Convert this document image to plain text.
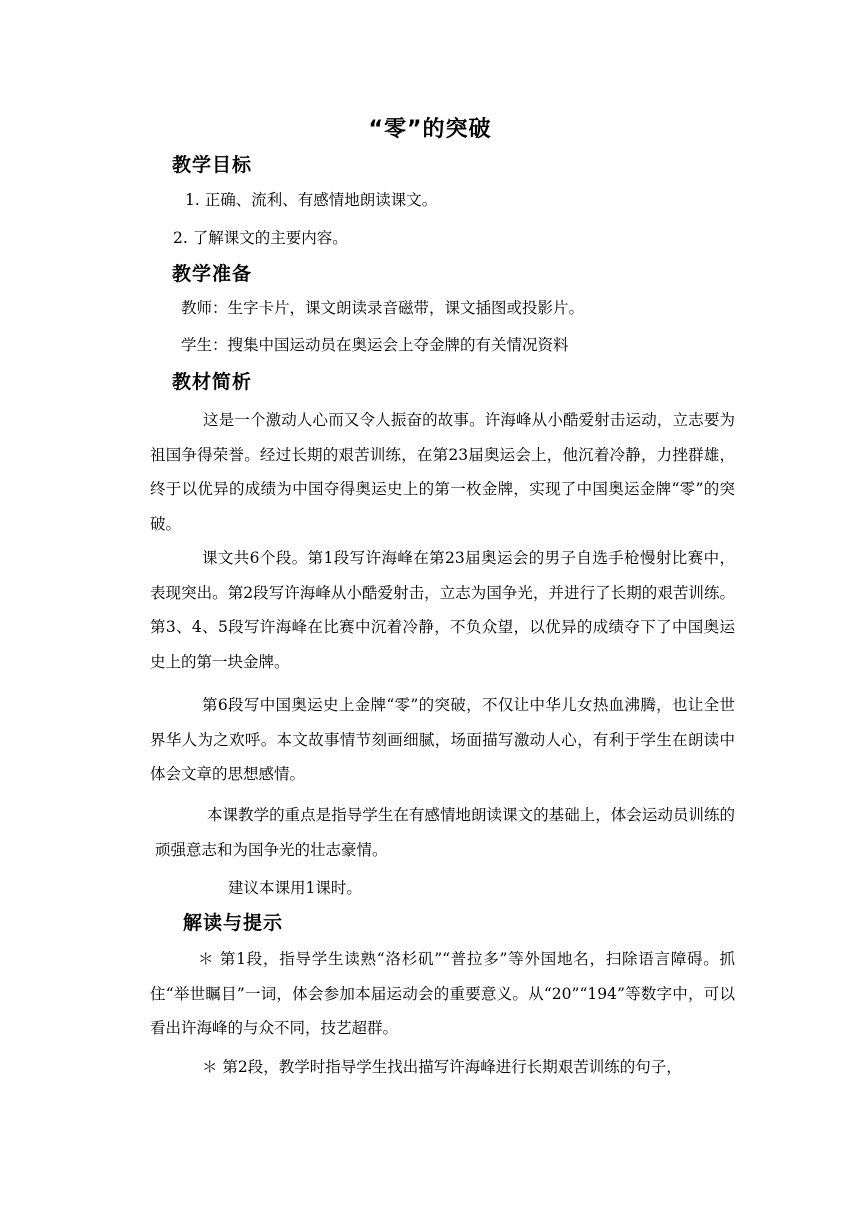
“零”的突破
教学目标
1. 正确、流利、有感情地朗读课文。
2. 了解课文的主要内容。
教学准备
教师：生字卡片，课文朗读录音磁带，课文插图或投影片。
学生：搜集中国运动员在奥运会上夺金牌的有关情况资料
教材简析
这是一个激动人心而又令人振奋的故事。许海峰从小酷爱射击运动，立志要为祖国争得荣誉。经过长期的艰苦训练，在第23届奥运会上，他沉着冷静，力挫群雄，终于以优异的成绩为中国夺得奥运史上的第一枚金牌，实现了中国奥运金牌“零”的突破。
课文共6个段。第1段写许海峰在第23届奥运会的男子自选手枪慢射比赛中，表现突出。第2段写许海峰从小酷爱射击，立志为国争光，并进行了长期的艰苦训练。第3、4、5段写许海峰在比赛中沉着冷静，不负众望，以优异的成绩夺下了中国奥运史上的第一块金牌。
第6段写中国奥运史上金牌“零”的突破，不仅让中华儿女热血沸腾，也让全世界华人为之欢呼。本文故事情节刻画细腻，场面描写激动人心，有利于学生在朗读中体会文章的思想感情。
本课教学的重点是指导学生在有感情地朗读课文的基础上，体会运动员训练的顽强意志和为国争光的壮志豪情。
建议本课用1课时。
解读与提示
＊ 第1段，指导学生读熟“洛杉矶”“普拉多”等外国地名，扫除语言障碍。抓住“举世瞩目”一词，体会参加本届运动会的重要意义。从“20”“194”等数字中，可以看出许海峰的与众不同，技艺超群。
＊ 第2段，教学时指导学生找出描写许海峰进行长期艰苦训练的句子，
